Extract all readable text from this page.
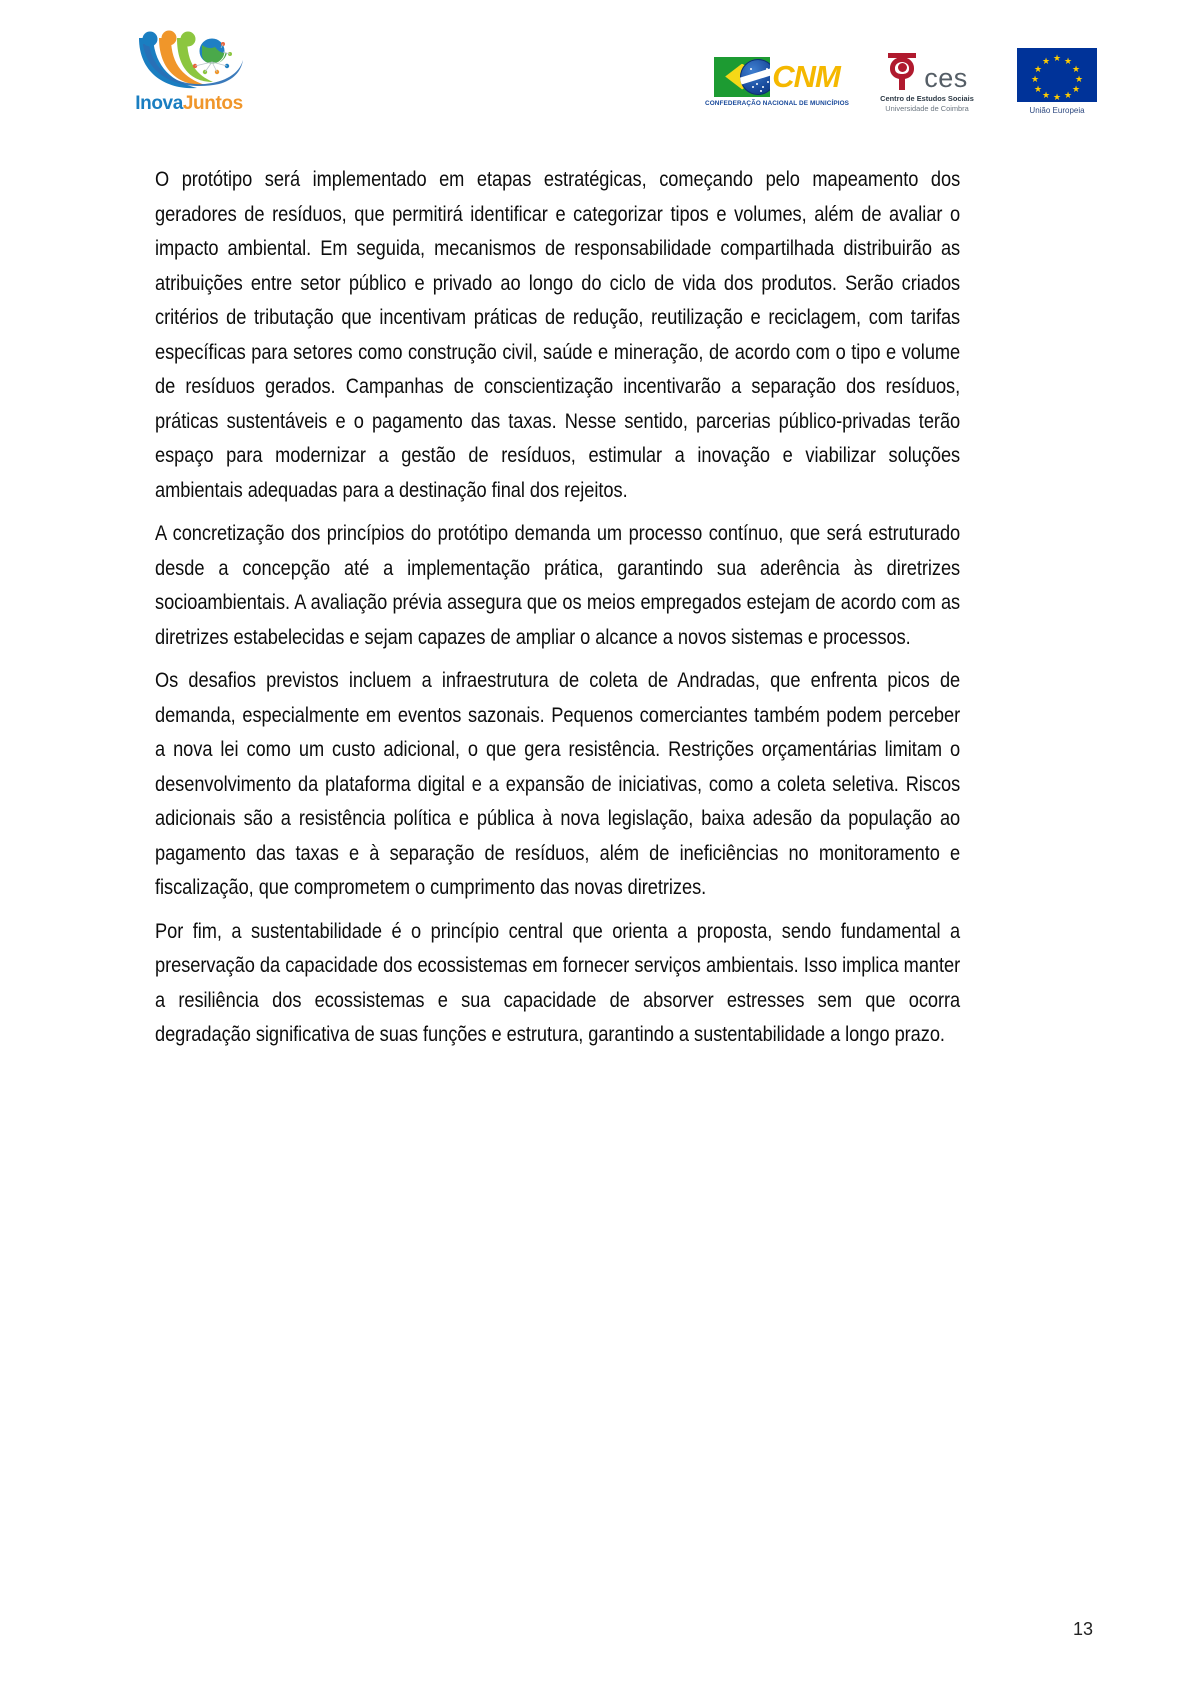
InovaJuntos
CNM
CONFEDERAÇÃO NACIONAL DE MUNICÍPIOS
ces
Centro de Estudos Sociais
Universidade de Coimbra
★ ★
★
★
★
★
★
★
★
★
★
★
União Europeia

O protótipo será implementado em etapas estratégicas, começando pelo mapeamento dos geradores de resíduos, que permitirá identificar e categorizar tipos e volumes, além de avaliar o impacto ambiental. Em seguida, mecanismos de responsabilidade compartilhada distribuirão as atribuições entre setor público e privado ao longo do ciclo de vida dos produtos. Serão criados critérios de tributação que incentivam práticas de redução, reutilização e reciclagem, com tarifas específicas para setores como construção civil, saúde e mineração, de acordo com o tipo e volume de resíduos gerados. Campanhas de conscientização incentivarão a separação dos resíduos, práticas sustentáveis e o pagamento das taxas. Nesse sentido, parcerias público-privadas terão espaço para modernizar a gestão de resíduos, estimular a inovação e viabilizar soluções ambientais adequadas para a destinação final dos rejeitos.

A concretização dos princípios do protótipo demanda um processo contínuo, que será estruturado desde a concepção até a implementação prática, garantindo sua aderência às diretrizes socioambientais. A avaliação prévia assegura que os meios empregados estejam de acordo com as diretrizes estabelecidas e sejam capazes de ampliar o alcance a novos sistemas e processos.

Os desafios previstos incluem a infraestrutura de coleta de Andradas, que enfrenta picos de demanda, especialmente em eventos sazonais. Pequenos comerciantes também podem perceber a nova lei como um custo adicional, o que gera resistência. Restrições orçamentárias limitam o desenvolvimento da plataforma digital e a expansão de iniciativas, como a coleta seletiva. Riscos adicionais são a resistência política e pública à nova legislação, baixa adesão da população ao pagamento das taxas e à separação de resíduos, além de ineficiências no monitoramento e fiscalização, que comprometem o cumprimento das novas diretrizes.

Por fim, a sustentabilidade é o princípio central que orienta a proposta, sendo fundamental a preservação da capacidade dos ecossistemas em fornecer serviços ambientais. Isso implica manter a resiliência dos ecossistemas e sua capacidade de absorver estresses sem que ocorra degradação significativa de suas funções e estrutura, garantindo a sustentabilidade a longo prazo.

13
